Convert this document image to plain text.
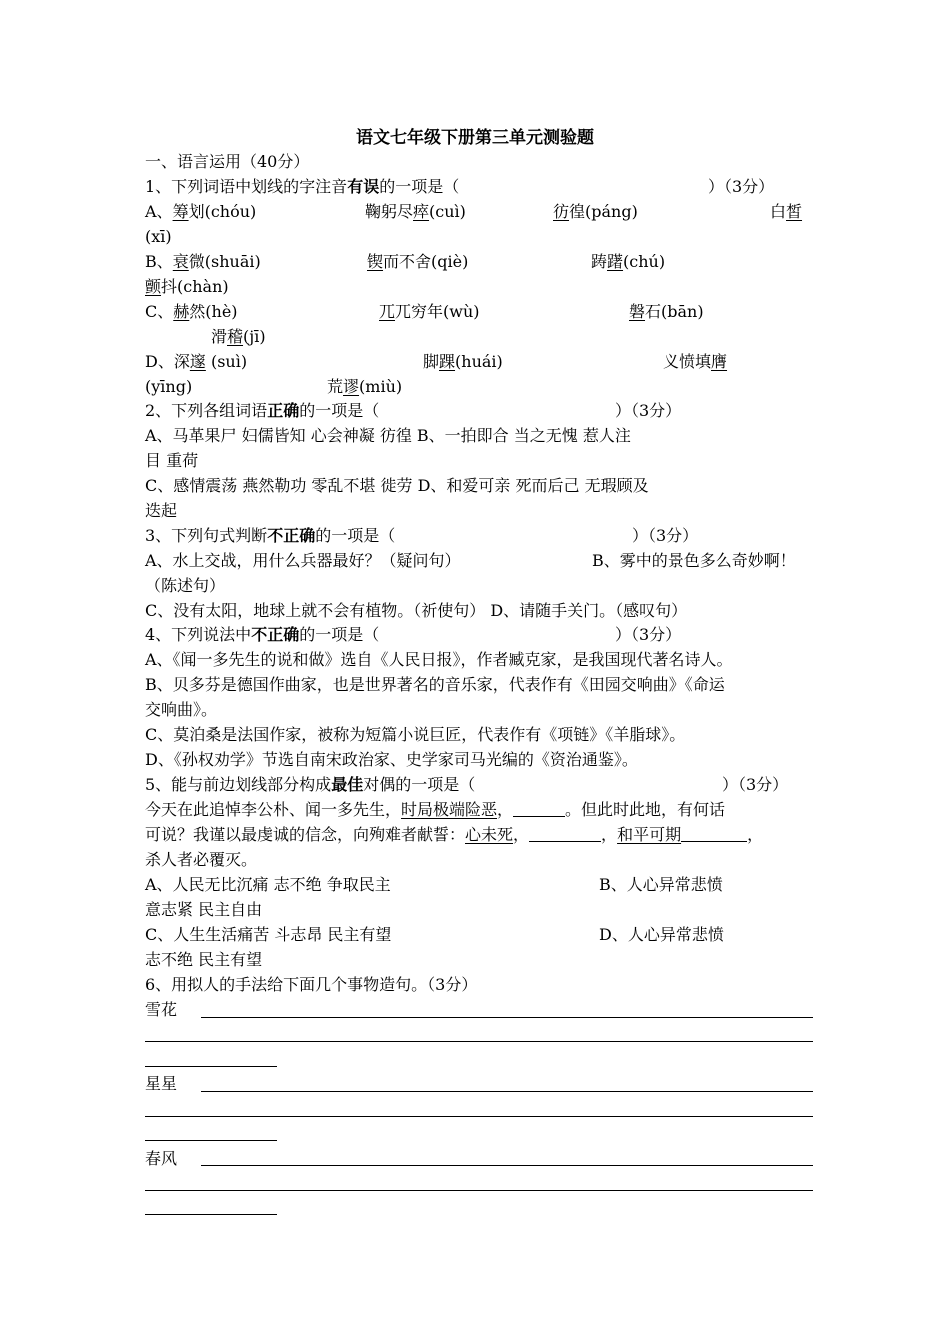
语文七年级下册第三单元测验题
一、语言运用（40分）
1、下列词语中划线的字注音有误的一项是（	）（3分）
A、筹划(chóu)	鞠躬尽瘁(cuì)	彷徨(páng)	白皙
(xī)
B、衰微(shuāi)	锲而不舍(qiè)	踌躇(chú)
颤抖(chàn)
C、赫然(hè)	兀兀穷年(wù)	磐石(bān)
滑稽(jī)
D、深邃 (suì)	脚踝(huái)	义愤填膺
(yīng)	荒谬(miù)
2、下列各组词语正确的一项是（	）（3分）
A、马革果尸 妇儒皆知 心会神凝 彷徨 B、一拍即合 当之无愧 惹人注
目 重荷
C、感情震荡 燕然勒功 零乱不堪 徙劳 D、和爱可亲 死而后己 无瑕顾及
迭起
3、下列句式判断不正确的一项是（	）（3分）
A、水上交战，用什么兵器最好？（疑问句）	B、雾中的景色多么奇妙啊！
（陈述句）
C、没有太阳，地球上就不会有植物。（祈使句） D、请随手关门。（感叹句）
4、下列说法中不正确的一项是（	）（3分）
A、《闻一多先生的说和做》选自《人民日报》，作者臧克家，是我国现代著名诗人。
B、贝多芬是德国作曲家，也是世界著名的音乐家，代表作有《田园交响曲》《命运
交响曲》。
C、莫泊桑是法国作家，被称为短篇小说巨匠，代表作有《项链》《羊脂球》。
D、《孙权劝学》节选自南宋政治家、史学家司马光编的《资治通鉴》。
5、能与前边划线部分构成最佳对偶的一项是（	）（3分）
今天在此追悼李公朴、闻一多先生，时局极端险恶，	。但此时此地，有何话
可说？我谨以最虔诚的信念，向殉难者献誓：心未死，	，和平可期	，
杀人者必覆灭。
A、人民无比沉痛 志不绝 争取民主	B、人心异常悲愤
意志紧 民主自由
C、人生生活痛苦 斗志昂 民主有望	D、人心异常悲愤
志不绝 民主有望
6、用拟人的手法给下面几个事物造句。（3分）
雪花
星星
春风
